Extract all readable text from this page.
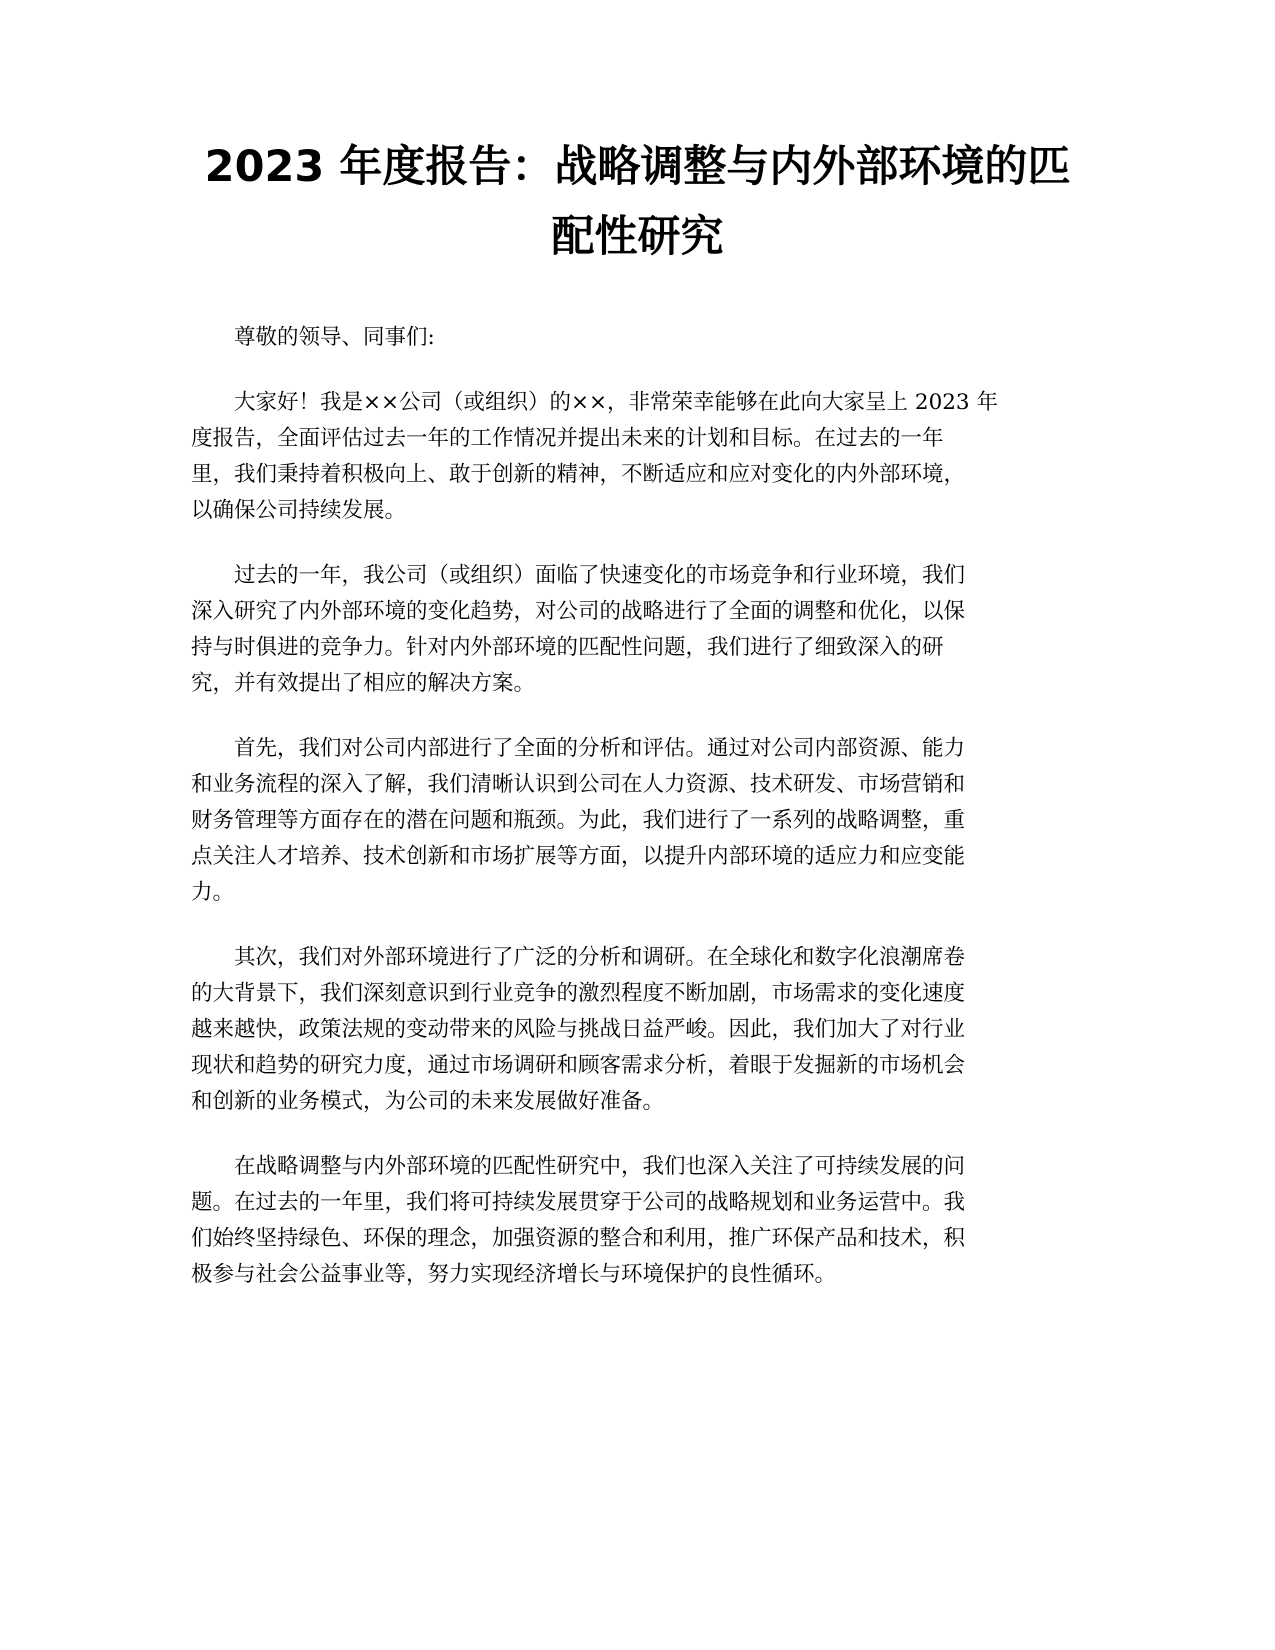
2023 年度报告：战略调整与内外部环境的匹
配性研究

尊敬的领导、同事们:

大家好！我是××公司（或组织）的××，非常荣幸能够在此向大家呈上 2023 年
度报告，全面评估过去一年的工作情况并提出未来的计划和目标。在过去的一年
里，我们秉持着积极向上、敢于创新的精神，不断适应和应对变化的内外部环境，
以确保公司持续发展。

过去的一年，我公司（或组织）面临了快速变化的市场竞争和行业环境，我们
深入研究了内外部环境的变化趋势，对公司的战略进行了全面的调整和优化，以保
持与时俱进的竞争力。针对内外部环境的匹配性问题，我们进行了细致深入的研
究，并有效提出了相应的解决方案。

首先，我们对公司内部进行了全面的分析和评估。通过对公司内部资源、能力
和业务流程的深入了解，我们清晰认识到公司在人力资源、技术研发、市场营销和
财务管理等方面存在的潜在问题和瓶颈。为此，我们进行了一系列的战略调整，重
点关注人才培养、技术创新和市场扩展等方面，以提升内部环境的适应力和应变能
力。

其次，我们对外部环境进行了广泛的分析和调研。在全球化和数字化浪潮席卷
的大背景下，我们深刻意识到行业竞争的激烈程度不断加剧，市场需求的变化速度
越来越快，政策法规的变动带来的风险与挑战日益严峻。因此，我们加大了对行业
现状和趋势的研究力度，通过市场调研和顾客需求分析，着眼于发掘新的市场机会
和创新的业务模式，为公司的未来发展做好准备。

在战略调整与内外部环境的匹配性研究中，我们也深入关注了可持续发展的问
题。在过去的一年里，我们将可持续发展贯穿于公司的战略规划和业务运营中。我
们始终坚持绿色、环保的理念，加强资源的整合和利用，推广环保产品和技术，积
极参与社会公益事业等，努力实现经济增长与环境保护的良性循环。
